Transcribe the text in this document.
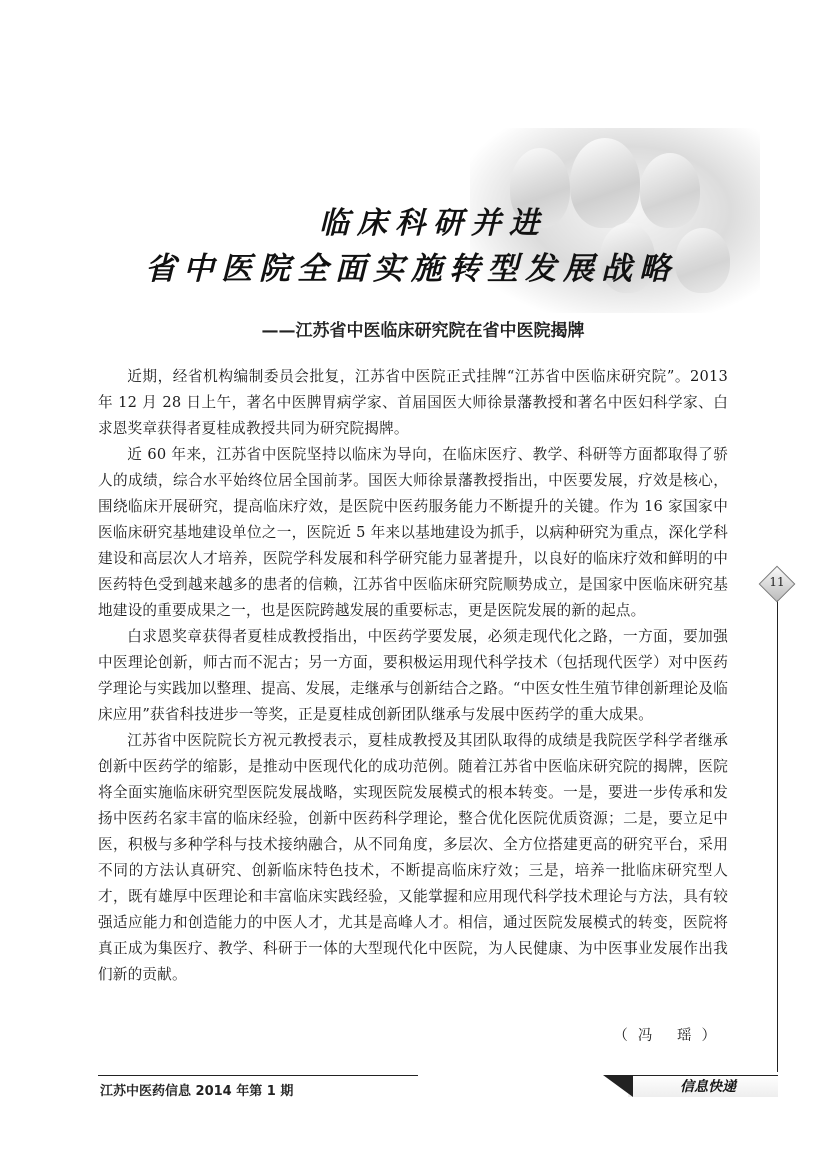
临床科研并进
省中医院全面实施转型发展战略
——江苏省中医临床研究院在省中医院揭牌

近期，经省机构编制委员会批复，江苏省中医院正式挂牌“江苏省中医临床研究院”。2013 年 12 月 28 日上午，著名中医脾胃病学家、首届国医大师徐景藩教授和著名中医妇科学家、白求恩奖章获得者夏桂成教授共同为研究院揭牌。

近 60 年来，江苏省中医院坚持以临床为导向，在临床医疗、教学、科研等方面都取得了骄人的成绩，综合水平始终位居全国前茅。国医大师徐景藩教授指出，中医要发展，疗效是核心，围绕临床开展研究，提高临床疗效，是医院中医药服务能力不断提升的关键。作为 16 家国家中医临床研究基地建设单位之一，医院近 5 年来以基地建设为抓手，以病种研究为重点，深化学科建设和高层次人才培养，医院学科发展和科学研究能力显著提升，以良好的临床疗效和鲜明的中医药特色受到越来越多的患者的信赖，江苏省中医临床研究院顺势成立，是国家中医临床研究基地建设的重要成果之一，也是医院跨越发展的重要标志，更是医院发展的新的起点。

白求恩奖章获得者夏桂成教授指出，中医药学要发展，必须走现代化之路，一方面，要加强中医理论创新，师古而不泥古；另一方面，要积极运用现代科学技术（包括现代医学）对中医药学理论与实践加以整理、提高、发展，走继承与创新结合之路。“中医女性生殖节律创新理论及临床应用”获省科技进步一等奖，正是夏桂成创新团队继承与发展中医药学的重大成果。

江苏省中医院院长方祝元教授表示，夏桂成教授及其团队取得的成绩是我院医学科学者继承创新中医药学的缩影，是推动中医现代化的成功范例。随着江苏省中医临床研究院的揭牌，医院将全面实施临床研究型医院发展战略，实现医院发展模式的根本转变。一是，要进一步传承和发扬中医药名家丰富的临床经验，创新中医药科学理论，整合优化医院优质资源；二是，要立足中医，积极与多种学科与技术接纳融合，从不同角度，多层次、全方位搭建更高的研究平台，采用不同的方法认真研究、创新临床特色技术，不断提高临床疗效；三是，培养一批临床研究型人才，既有雄厚中医理论和丰富临床实践经验，又能掌握和应用现代科学技术理论与方法，具有较强适应能力和创造能力的中医人才，尤其是高峰人才。相信，通过医院发展模式的转变，医院将真正成为集医疗、教学、科研于一体的大型现代化中医院，为人民健康、为中医事业发展作出我们新的贡献。

（冯 瑶）
11
江苏中医药信息 2014 年第 1 期	信息快递
